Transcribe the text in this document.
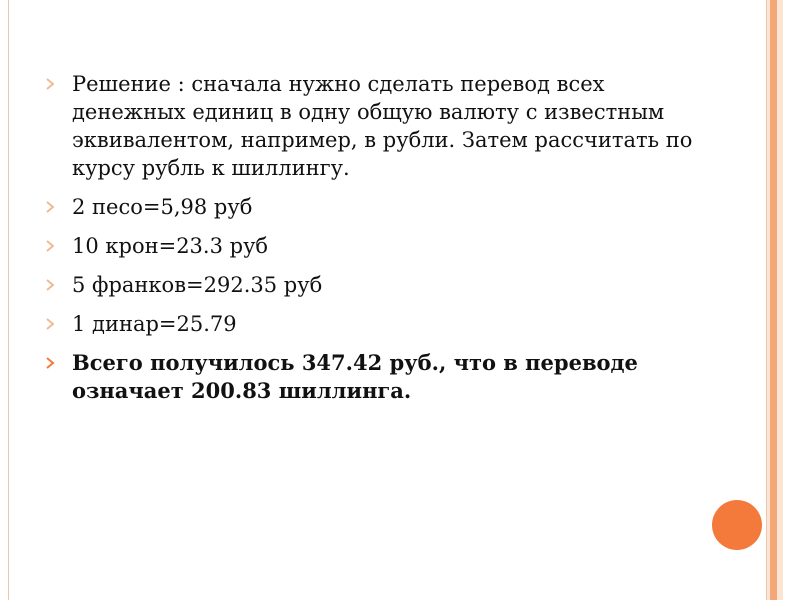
Решение : сначала нужно сделать перевод всех денежных единиц в одну общую валюту с известным эквивалентом, например, в рубли. Затем рассчитать по курсу рубль к шиллингу.
2 песо=5,98 руб
10 крон=23.3 руб
5 франков=292.35 руб
1 динар=25.79
Всего получилось 347.42 руб., что в переводе означает 200.83 шиллинга.
